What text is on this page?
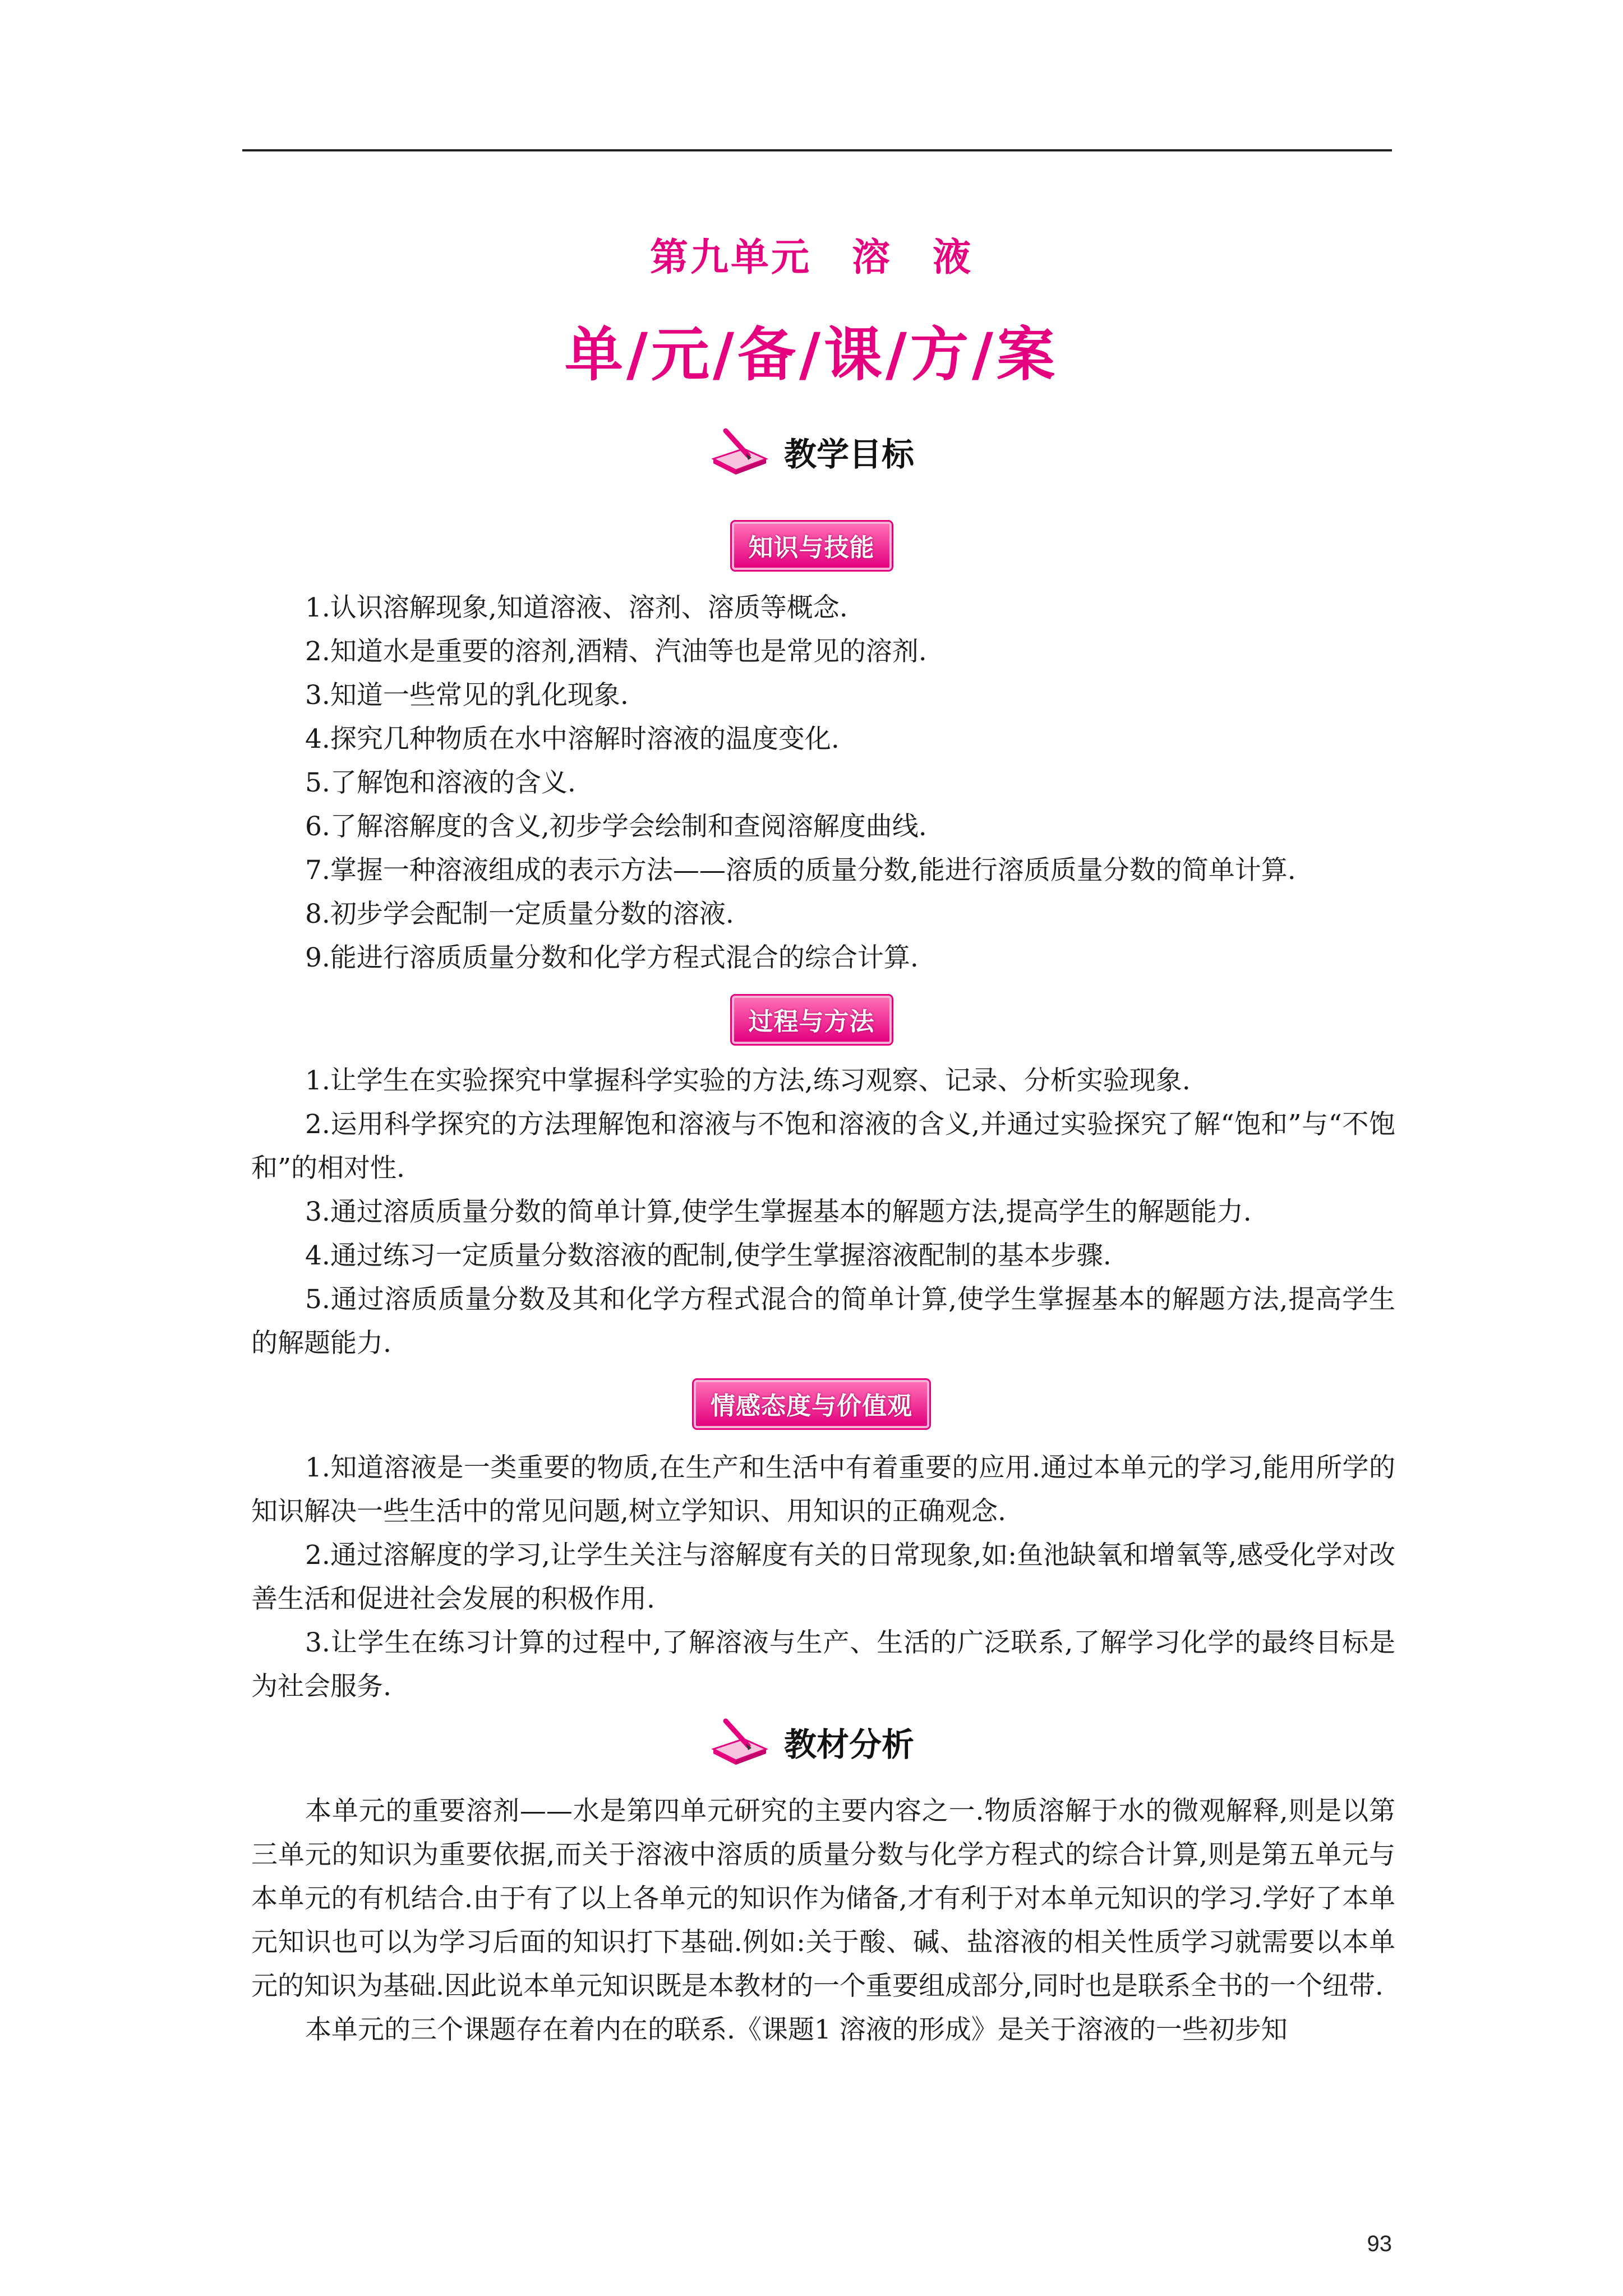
第九单元　溶　液
单/元/备/课/方/案
教学目标
知识与技能

1.认识溶解现象,知道溶液、溶剂、溶质等概念.

2.知道水是重要的溶剂,酒精、汽油等也是常见的溶剂.

3.知道一些常见的乳化现象.

4.探究几种物质在水中溶解时溶液的温度变化.

5.了解饱和溶液的含义.

6.了解溶解度的含义,初步学会绘制和查阅溶解度曲线.

7.掌握一种溶液组成的表示方法——溶质的质量分数,能进行溶质质量分数的简单计算.

8.初步学会配制一定质量分数的溶液.

9.能进行溶质质量分数和化学方程式混合的综合计算.

过程与方法

1.让学生在实验探究中掌握科学实验的方法,练习观察、记录、分析实验现象.

2.运用科学探究的方法理解饱和溶液与不饱和溶液的含义,并通过实验探究了解“饱和”与“不饱和”的相对性.

3.通过溶质质量分数的简单计算,使学生掌握基本的解题方法,提高学生的解题能力.

4.通过练习一定质量分数溶液的配制,使学生掌握溶液配制的基本步骤.

5.通过溶质质量分数及其和化学方程式混合的简单计算,使学生掌握基本的解题方法,提高学生的解题能力.

情感态度与价值观

1.知道溶液是一类重要的物质,在生产和生活中有着重要的应用.通过本单元的学习,能用所学的知识解决一些生活中的常见问题,树立学知识、用知识的正确观念.

2.通过溶解度的学习,让学生关注与溶解度有关的日常现象,如:鱼池缺氧和增氧等,感受化学对改善生活和促进社会发展的积极作用.

3.让学生在练习计算的过程中,了解溶液与生产、生活的广泛联系,了解学习化学的最终目标是为社会服务.

教材分析

本单元的重要溶剂——水是第四单元研究的主要内容之一.物质溶解于水的微观解释,则是以第三单元的知识为重要依据,而关于溶液中溶质的质量分数与化学方程式的综合计算,则是第五单元与本单元的有机结合.由于有了以上各单元的知识作为储备,才有利于对本单元知识的学习.学好了本单元知识也可以为学习后面的知识打下基础.例如:关于酸、碱、盐溶液的相关性质学习就需要以本单元的知识为基础.因此说本单元知识既是本教材的一个重要组成部分,同时也是联系全书的一个纽带.

本单元的三个课题存在着内在的联系.《课题1 溶液的形成》是关于溶液的一些初步知

93
